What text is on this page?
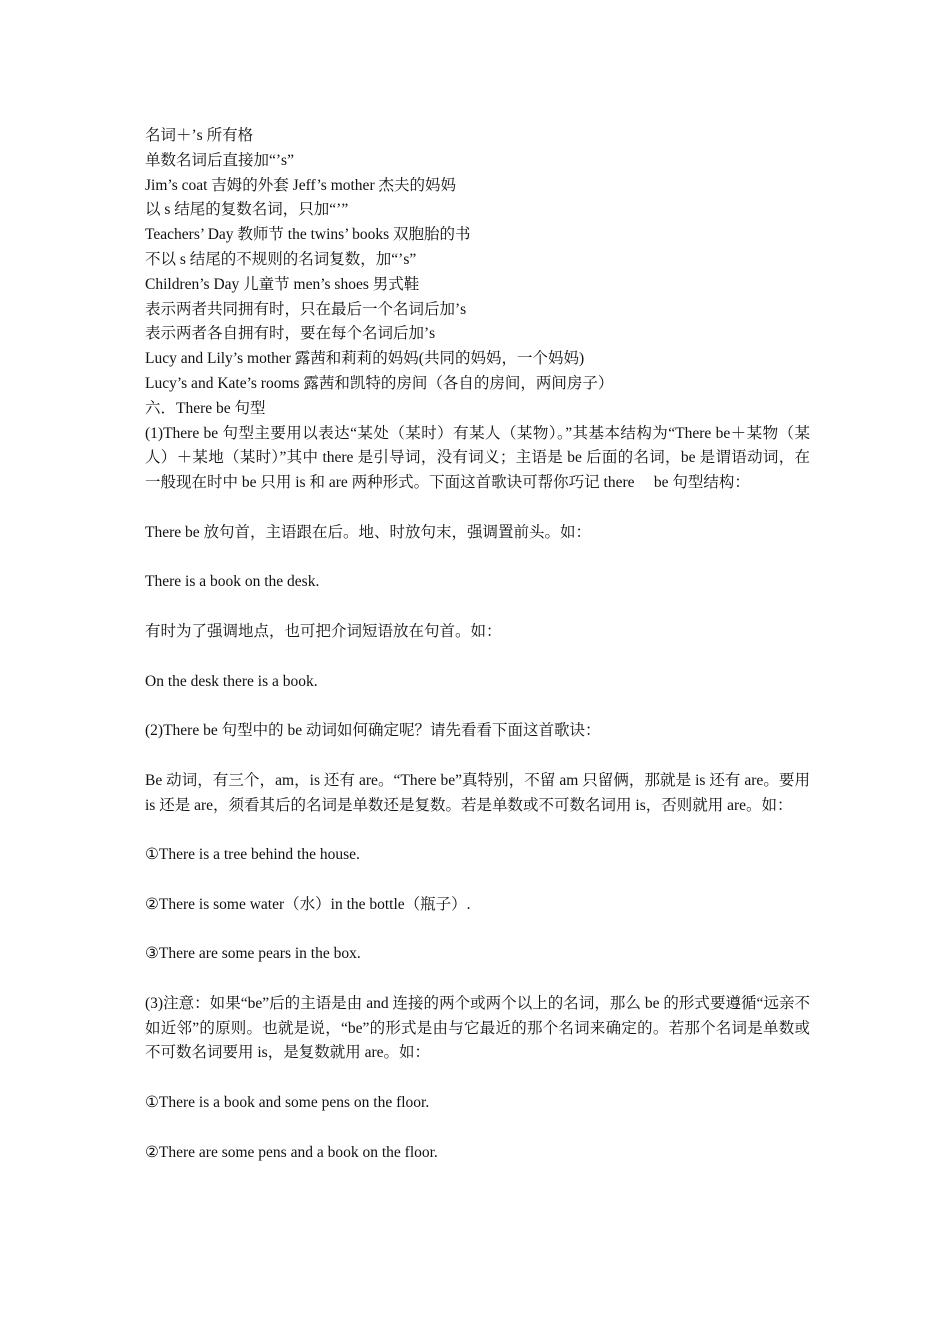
名词＋’s 所有格
单数名词后直接加“’s”
Jim’s coat 吉姆的外套 Jeff’s mother 杰夫的妈妈
以 s 结尾的复数名词，只加“’”
Teachers’ Day 教师节 the twins’ books 双胞胎的书
不以 s 结尾的不规则的名词复数，加“’s”
Children’s Day 儿童节 men’s shoes 男式鞋
表示两者共同拥有时，只在最后一个名词后加’s
表示两者各自拥有时，要在每个名词后加’s
Lucy and Lily’s mother 露茜和莉莉的妈妈(共同的妈妈，一个妈妈)
Lucy’s and Kate’s rooms 露茜和凯特的房间（各自的房间，两间房子）
六．There be 句型
(1)There be 句型主要用以表达“某处（某时）有某人（某物）。”其基本结构为“There be＋某物（某人）＋某地（某时）”其中 there 是引导词，没有词义；主语是 be 后面的名词，be 是谓语动词，在一般现在时中 be 只用 is 和 are 两种形式。下面这首歌诀可帮你巧记 there　 be 句型结构：
There be 放句首，主语跟在后。地、时放句末，强调置前头。如：
There is a book on the desk.
有时为了强调地点，也可把介词短语放在句首。如：
On the desk there is a book.
(2)There be 句型中的 be 动词如何确定呢？请先看看下面这首歌诀：
Be 动词，有三个，am，is 还有 are。“There be”真特别，不留 am 只留俩，那就是 is 还有 are。要用 is 还是 are，须看其后的名词是单数还是复数。若是单数或不可数名词用 is，否则就用 are。如：
①There is a tree behind the house.
②There is some water（水）in the bottle（瓶子）.
③There are some pears in the box.
(3)注意：如果“be”后的主语是由 and 连接的两个或两个以上的名词，那么 be 的形式要遵循“远亲不如近邻”的原则。也就是说，“be”的形式是由与它最近的那个名词来确定的。若那个名词是单数或不可数名词要用 is，是复数就用 are。如：
①There is a book and some pens on the floor.
②There are some pens and a book on the floor.
